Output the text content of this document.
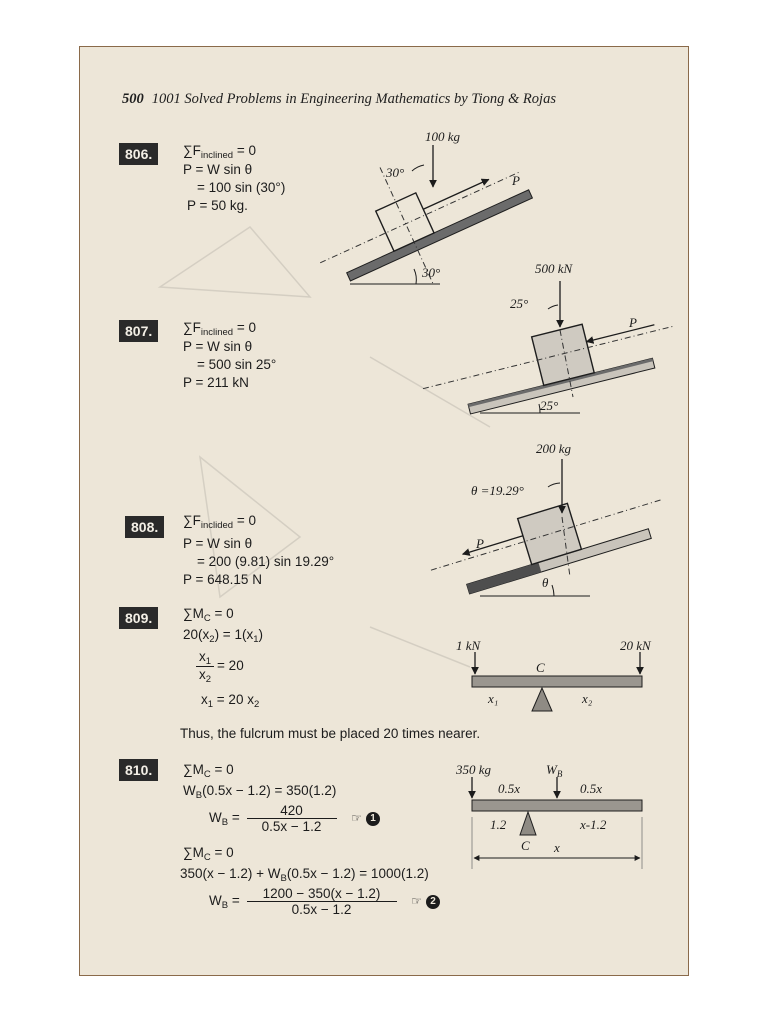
500 1001 Solved Problems in Engineering Mathematics by Tiong & Rojas
806.	$\sum F_{inclined} = 0$
P = W sin θ
= 100 sin (30°)
P = 50 kg.
100 kg
30°
P
30°
807.	$\sum F_{inclined} = 0$
P = W sin θ
= 500 sin 25°
P = 211 kN
500 kN
25°
P
25°
808.	$\sum F_{inclided} = 0$
P = W sin θ
= 200 (9.81) sin 19.29°
P = 648.15 N
200 kg
θ =19.29°
P
θ
809.	$\sum M_C = 0$
$20(x_2) = 1(x_1)$
$\frac{x_1}{x_2} = 20$
$x_1 = 20$ $x_2$
Thus, the fulcrum must be placed 20 times nearer.
1 kN	20 kN
C
x₁	x₂
810.	$\sum M_C = 0$
$W_B(0.5x - 1.2) = 350(1.2)$
$W_B = \frac{420}{0.5x - 1.2}$ ☞ 1
$\sum M_C = 0$
$350(x - 1.2) + W_B(0.5x - 1.2) = 1000(1.2)$
$W_B = \frac{1200 - 350(x - 1.2)}{0.5x - 1.2}$ ☞ 2
350 kg	$W_B$
0.5x	0.5x
1.2	x-1.2
C x
